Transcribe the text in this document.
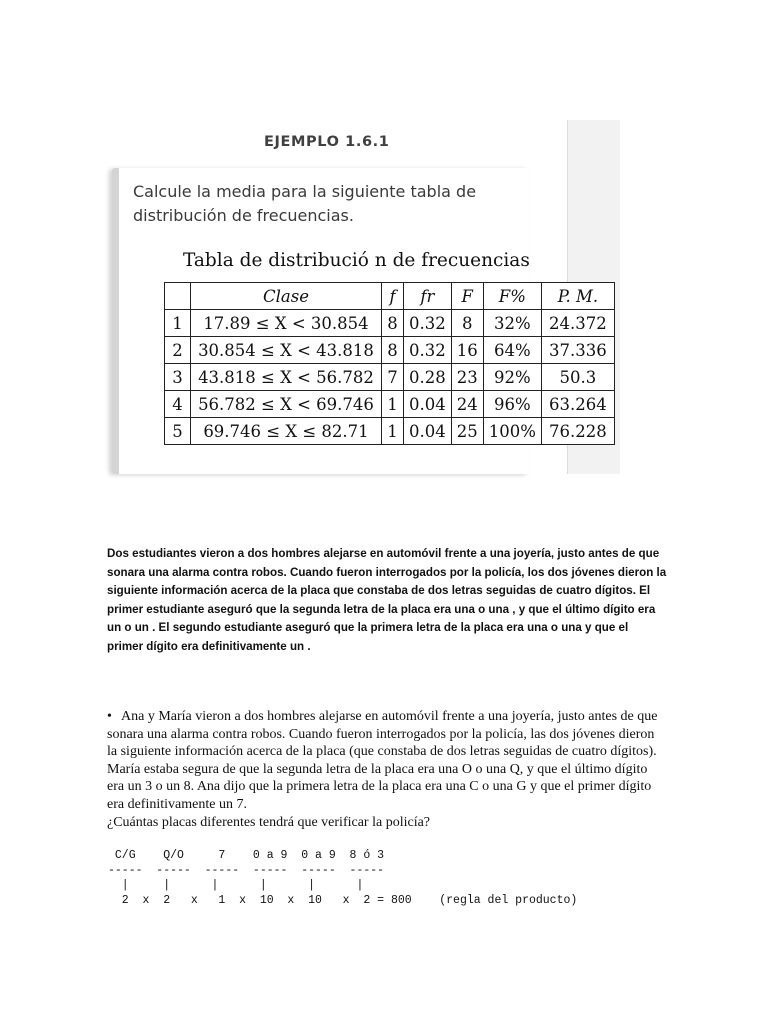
EJEMPLO 1.6.1
Calcule la media para la siguiente tabla de distribución de frecuencias.
Tabla de distribució n de frecuencias
	Clase	f	fr	F	F%	P. M.
1	17.89 ≤ X < 30.854	8	0.32	8	32%	24.372
2	30.854 ≤ X < 43.818	8	0.32	16	64%	37.336
3	43.818 ≤ X < 56.782	7	0.28	23	92%	50.3
4	56.782 ≤ X < 69.746	1	0.04	24	96%	63.264
5	69.746 ≤ X ≤ 82.71	1	0.04	25	100%	76.228
Dos estudiantes vieron a dos hombres alejarse en automóvil frente a una joyería, justo antes de que sonara una alarma contra robos. Cuando fueron interrogados por la policía, los dos jóvenes dieron la siguiente información acerca de la placa que constaba de dos letras seguidas de cuatro dígitos. El primer estudiante aseguró que la segunda letra de la placa era una o una , y que el último dígito era un o un . El segundo estudiante aseguró que la primera letra de la placa era una o una y que el primer dígito era definitivamente un .
• Ana y María vieron a dos hombres alejarse en automóvil frente a una joyería, justo antes de que sonara una alarma contra robos. Cuando fueron interrogados por la policía, las dos jóvenes dieron la siguiente información acerca de la placa (que constaba de dos letras seguidas de cuatro dígitos). María estaba segura de que la segunda letra de la placa era una O o una Q, y que el último dígito era un 3 o un 8. Ana dijo que la primera letra de la placa era una C o una G y que el primer dígito era definitivamente un 7.
¿Cuántas placas diferentes tendrá que verificar la policía?
C/G    Q/O     7    0 a 9  0 a 9  8 ó 3
-----  -----  -----  -----  -----  -----
|     |      |      |      |      |
2  x  2   x   1  x  10  x  10   x  2 = 800    (regla del producto)
